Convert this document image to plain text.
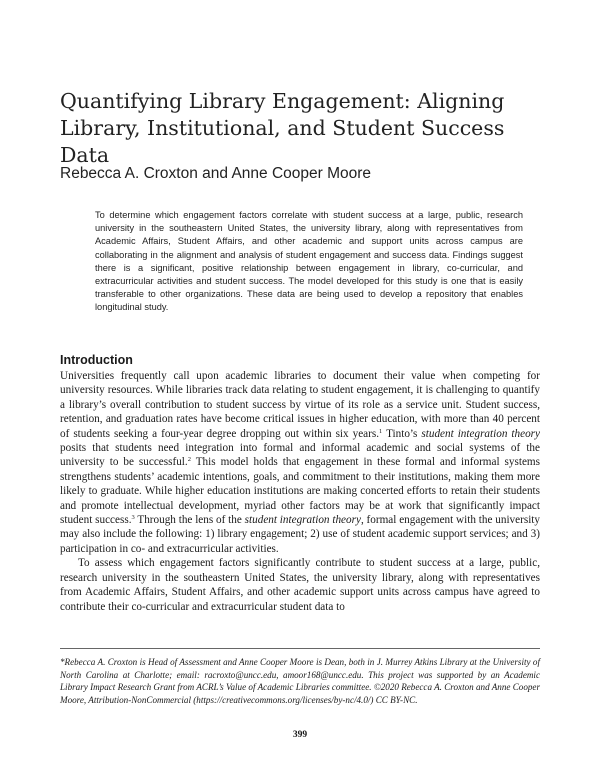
Quantifying Library Engagement: Aligning Library, Institutional, and Student Success Data
Rebecca A. Croxton and Anne Cooper Moore
To determine which engagement factors correlate with student success at a large, public, research university in the southeastern United States, the university library, along with representatives from Academic Affairs, Student Affairs, and other academic and support units across campus are collaborating in the alignment and analysis of student engagement and success data. Findings suggest there is a significant, positive relationship between engagement in library, co-curricular, and extracurricular activities and student success. The model developed for this study is one that is easily transferable to other organizations. These data are being used to develop a repository that enables longitudinal study.
Introduction

Universities frequently call upon academic libraries to document their value when competing for university resources. While libraries track data relating to student engagement, it is challenging to quantify a library’s overall contribution to student success by virtue of its role as a service unit. Student success, retention, and graduation rates have become critical issues in higher education, with more than 40 percent of students seeking a four-year degree dropping out within six years.$^1$ Tinto’s student integration theory posits that students need integration into formal and informal academic and social systems of the university to be successful.$^2$ This model holds that engagement in these formal and informal systems strengthens students’ academic intentions, goals, and commitment to their institutions, making them more likely to graduate. While higher education institutions are making concerted efforts to retain their students and promote intellectual development, myriad other factors may be at work that significantly impact student success.$^3$ Through the lens of the student integration theory, formal engagement with the university may also include the following: 1) library engagement; 2) use of student academic support services; and 3) participation in co- and extracurricular activities.

To assess which engagement factors significantly contribute to student success at a large, public, research university in the southeastern United States, the university library, along with representatives from Academic Affairs, Student Affairs, and other academic support units across campus have agreed to contribute their co-curricular and extracurricular student data to

*Rebecca A. Croxton is Head of Assessment and Anne Cooper Moore is Dean, both in J. Murrey Atkins Library at the University of North Carolina at Charlotte; email: racroxto@uncc.edu, amoor168@uncc.edu. This project was supported by an Academic Library Impact Research Grant from ACRL’s Value of Academic Libraries committee. ©2020 Rebecca A. Croxton and Anne Cooper Moore, Attribution-NonCommercial (https://creativecommons.org/licenses/by-nc/4.0/) CC BY-NC.
399
